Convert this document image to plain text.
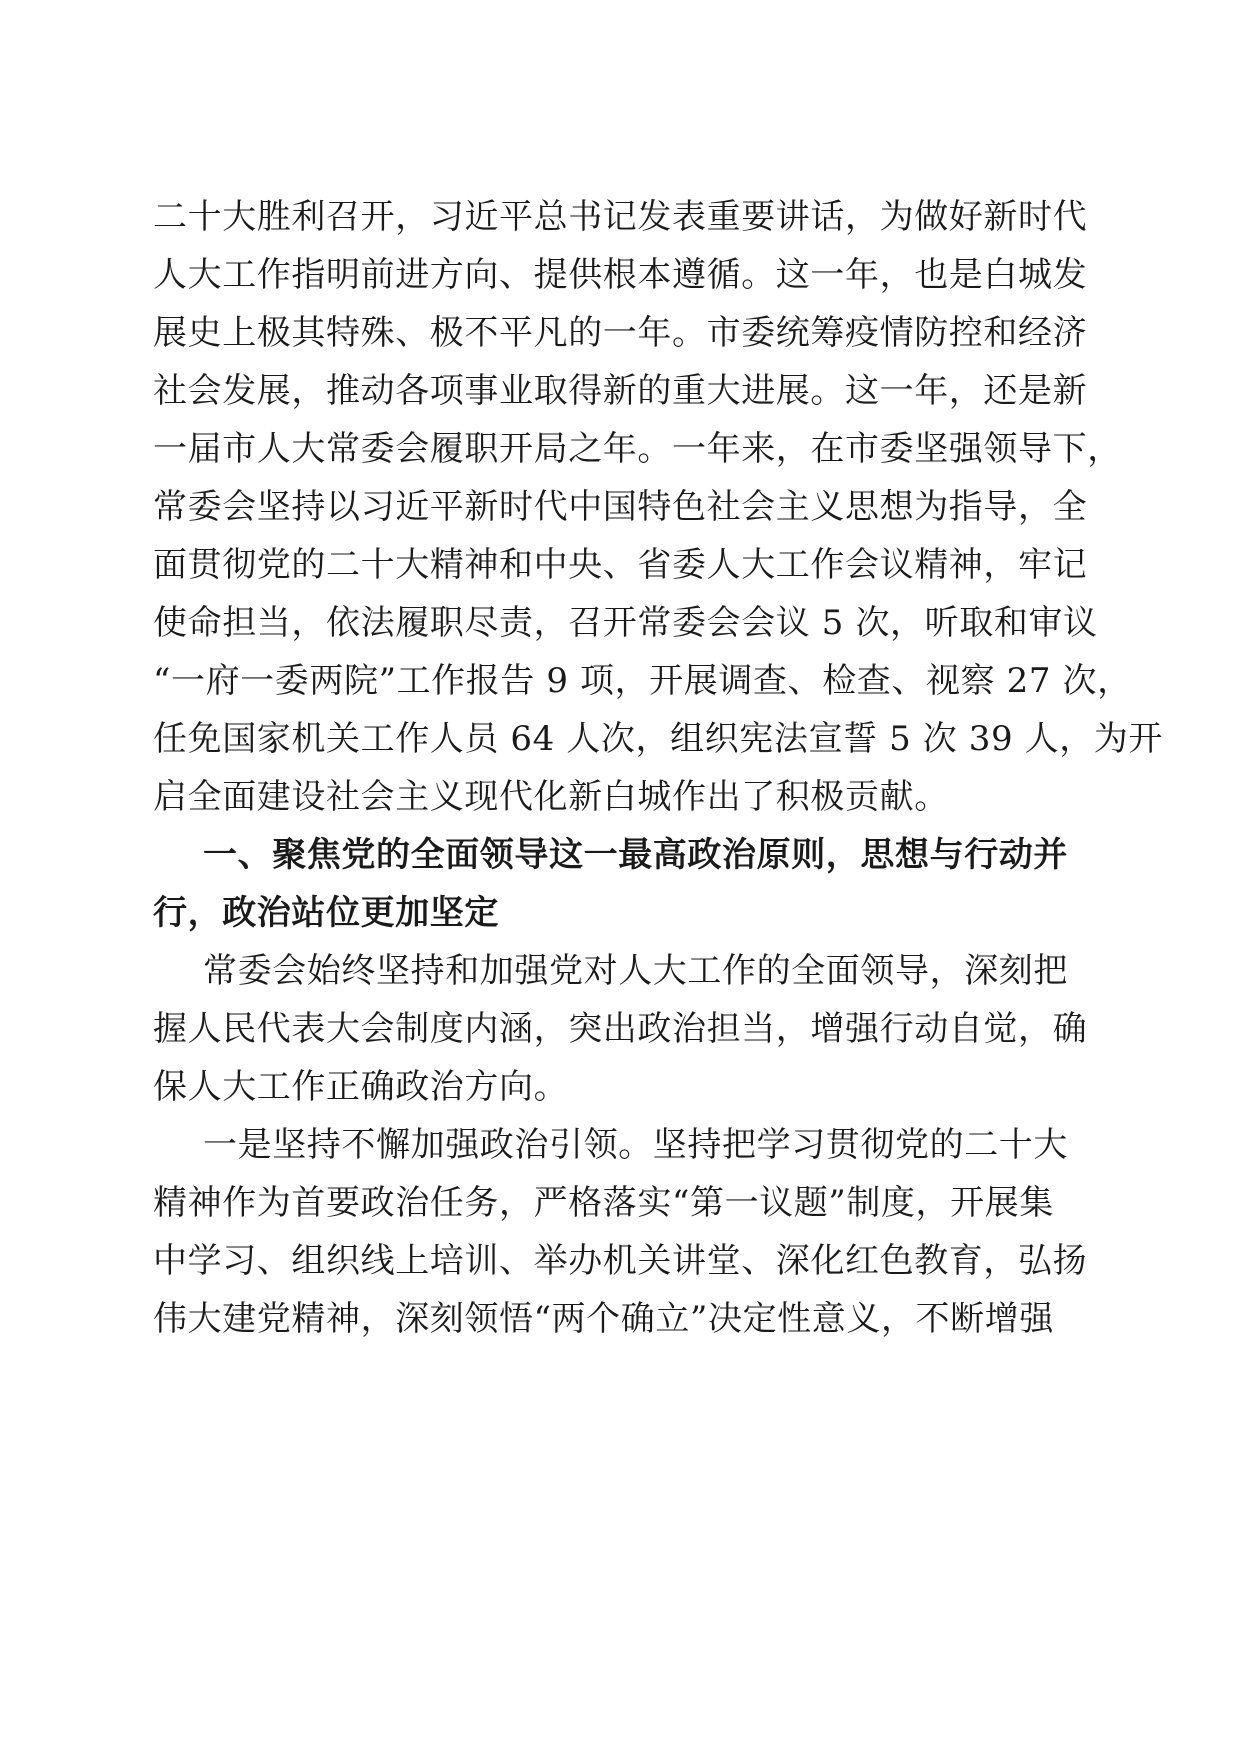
二十大胜利召开，习近平总书记发表重要讲话，为做好新时代
人大工作指明前进方向、提供根本遵循。这一年，也是白城发
展史上极其特殊、极不平凡的一年。市委统筹疫情防控和经济
社会发展，推动各项事业取得新的重大进展。这一年，还是新
一届市人大常委会履职开局之年。一年来，在市委坚强领导下，
常委会坚持以习近平新时代中国特色社会主义思想为指导，全
面贯彻党的二十大精神和中央、省委人大工作会议精神，牢记
使命担当，依法履职尽责，召开常委会会议 5 次，听取和审议
“一府一委两院”工作报告 9 项，开展调查、检查、视察 27 次，
任免国家机关工作人员 64 人次，组织宪法宣誓 5 次 39 人，为开
启全面建设社会主义现代化新白城作出了积极贡献。
一、聚焦党的全面领导这一最高政治原则，思想与行动并
行，政治站位更加坚定
常委会始终坚持和加强党对人大工作的全面领导，深刻把
握人民代表大会制度内涵，突出政治担当，增强行动自觉，确
保人大工作正确政治方向。
一是坚持不懈加强政治引领。坚持把学习贯彻党的二十大
精神作为首要政治任务，严格落实“第一议题”制度，开展集
中学习、组织线上培训、举办机关讲堂、深化红色教育，弘扬
伟大建党精神，深刻领悟“两个确立”决定性意义，不断增强
